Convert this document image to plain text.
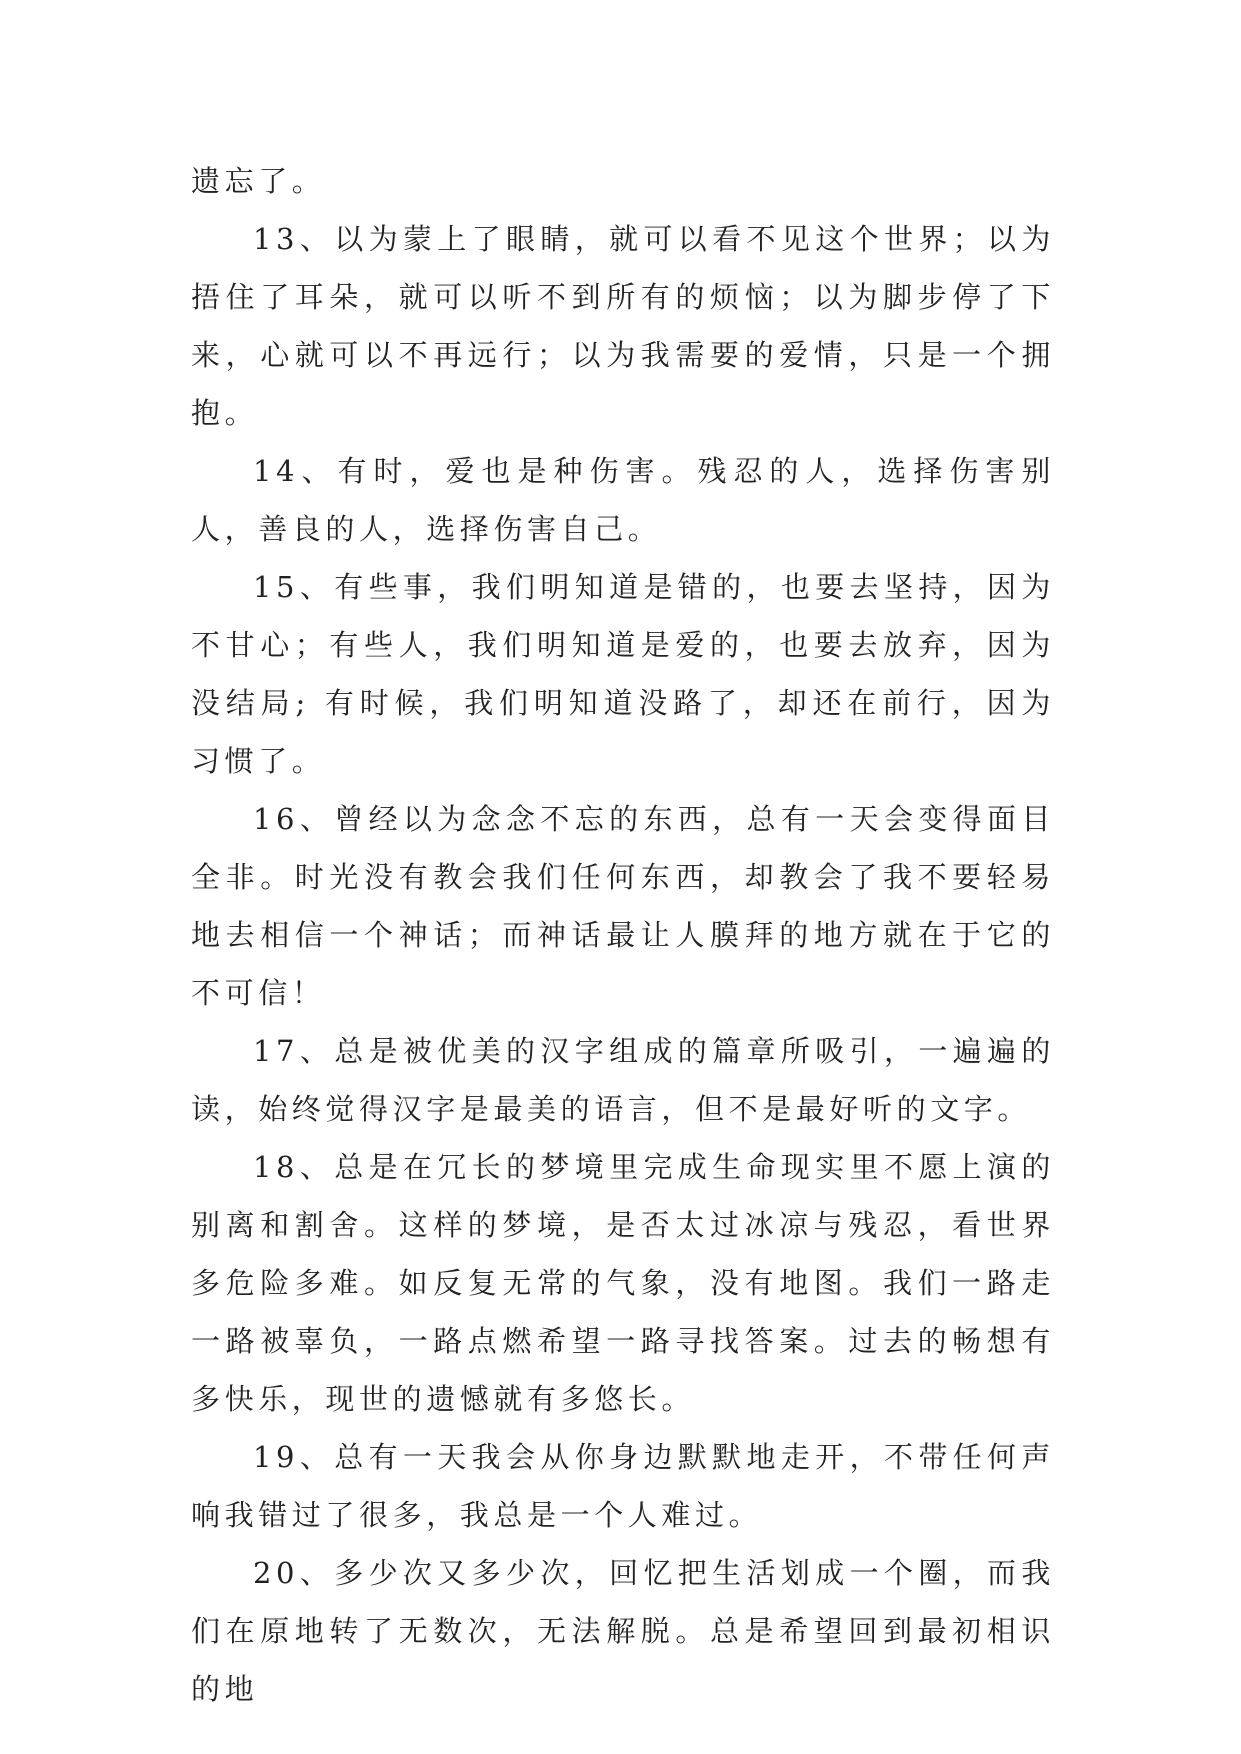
遗忘了。

13、以为蒙上了眼睛，就可以看不见这个世界；以为捂住了耳朵，就可以听不到所有的烦恼；以为脚步停了下来，心就可以不再远行；以为我需要的爱情，只是一个拥抱。

14、有时，爱也是种伤害。残忍的人，选择伤害别人，善良的人，选择伤害自己。

15、有些事，我们明知道是错的，也要去坚持，因为不甘心；有些人，我们明知道是爱的，也要去放弃，因为没结局; 有时候，我们明知道没路了，却还在前行，因为习惯了。

16、曾经以为念念不忘的东西，总有一天会变得面目全非。时光没有教会我们任何东西，却教会了我不要轻易地去相信一个神话；而神话最让人膜拜的地方就在于它的不可信！

17、总是被优美的汉字组成的篇章所吸引，一遍遍的读，始终觉得汉字是最美的语言，但不是最好听的文字。

18、总是在冗长的梦境里完成生命现实里不愿上演的别离和割舍。这样的梦境，是否太过冰凉与残忍，看世界多危险多难。如反复无常的气象，没有地图。我们一路走一路被辜负，一路点燃希望一路寻找答案。过去的畅想有多快乐，现世的遗憾就有多悠长。

19、总有一天我会从你身边默默地走开，不带任何声响我错过了很多，我总是一个人难过。

20、多少次又多少次，回忆把生活划成一个圈，而我们在原地转了无数次，无法解脱。总是希望回到最初相识的地
